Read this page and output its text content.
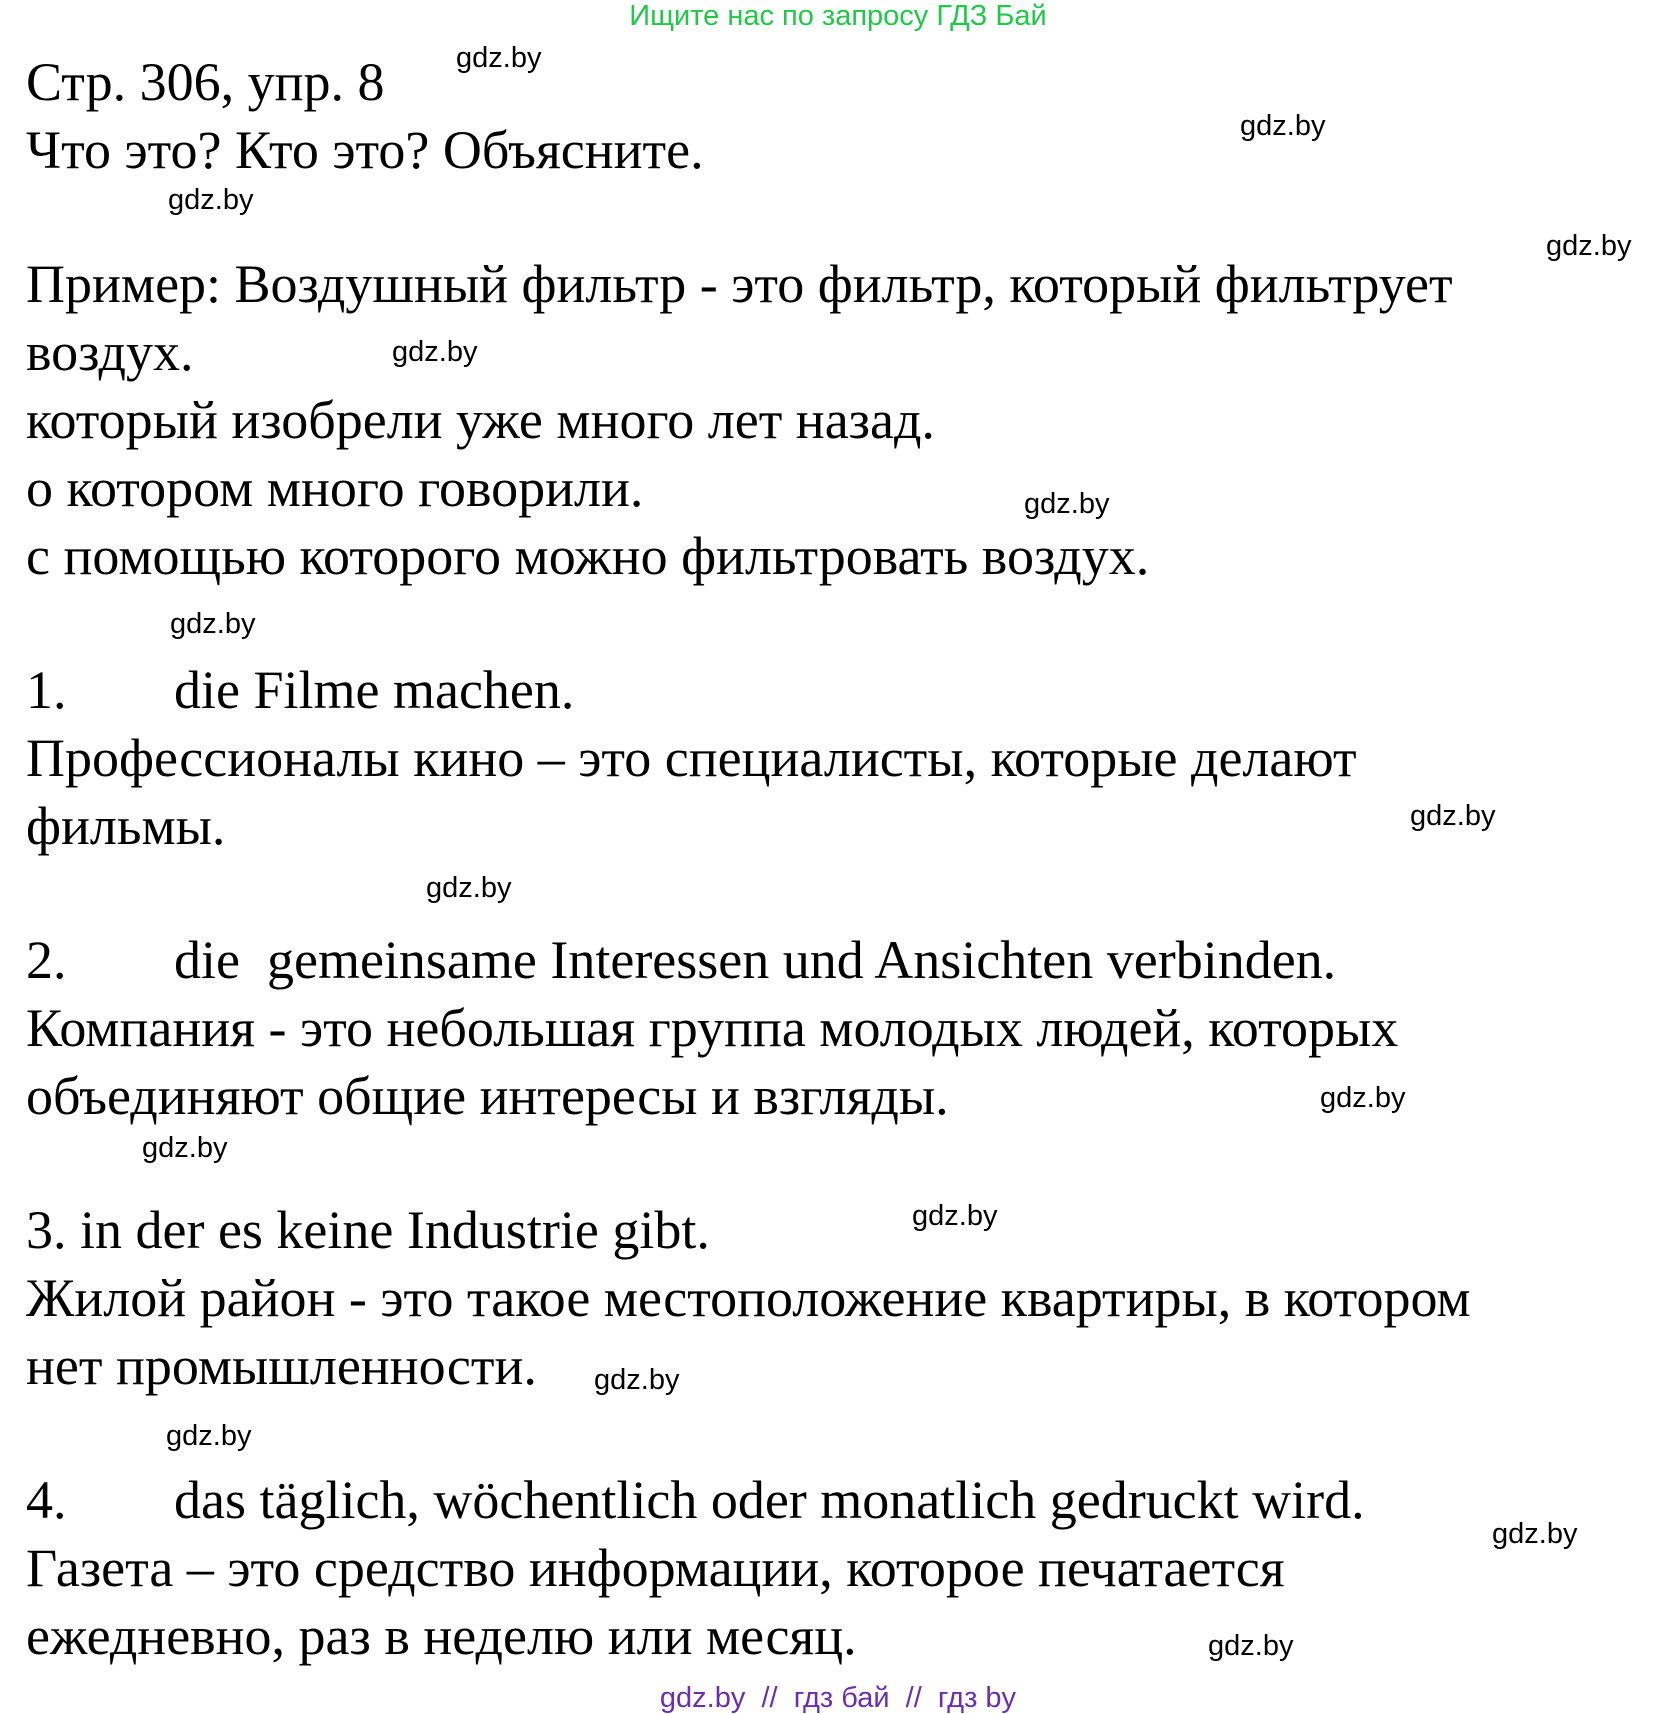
Ищите нас по запросу ГДЗ Бай
Стр. 306, упр. 8
Что это? Кто это? Объясните.
Пример: Воздушный фильтр - это фильтр, который фильтрует
воздух.
который изобрели уже много лет назад.
о котором много говорили.
с помощью которого можно фильтровать воздух.
1. die Filme machen.
Профессионалы кино – это специалисты, которые делают
фильмы.
2. die  gemeinsame Interessen und Ansichten verbinden.
Компания - это небольшая группа молодых людей, которых
объединяют общие интересы и взгляды.
3. in der es keine Industrie gibt.
Жилой район - это такое местоположение квартиры, в котором
нет промышленности.
4. das täglich, wöchentlich oder monatlich gedruckt wird.
Газета – это средство информации, которое печатается
ежедневно, раз в неделю или месяц.
gdz.by
gdz.by
gdz.by
gdz.by
gdz.by
gdz.by
gdz.by
gdz.by
gdz.by
gdz.by
gdz.by
gdz.by
gdz.by
gdz.by
gdz.by
gdz.by
gdz.by  //  гдз бай  //  гдз by
